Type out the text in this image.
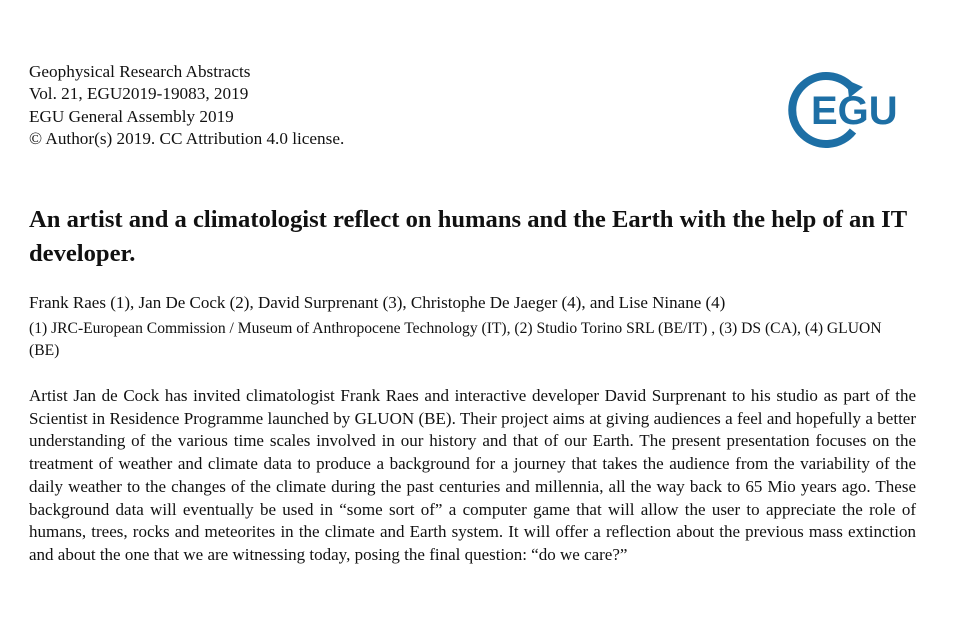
Geophysical Research Abstracts
Vol. 21, EGU2019-19083, 2019
EGU General Assembly 2019
© Author(s) 2019. CC Attribution 4.0 license.
EGU
An artist and a climatologist reflect on humans and the Earth with the help of an IT developer.
Frank Raes (1), Jan De Cock (2), David Surprenant (3), Christophe De Jaeger (4), and Lise Ninane (4)
(1) JRC-European Commission / Museum of Anthropocene Technology (IT), (2) Studio Torino SRL (BE/IT) , (3) DS (CA), (4) GLUON (BE)

Artist Jan de Cock has invited climatologist Frank Raes and interactive developer David Surprenant to his studio as part of the Scientist in Residence Programme launched by GLUON (BE). Their project aims at giving audiences a feel and hopefully a better understanding of the various time scales involved in our history and that of our Earth. The present presentation focuses on the treatment of weather and climate data to produce a background for a journey that takes the audience from the variability of the daily weather to the changes of the climate during the past centuries and millennia, all the way back to 65 Mio years ago. These background data will eventually be used in “some sort of” a computer game that will allow the user to appreciate the role of humans, trees, rocks and meteorites in the climate and Earth system. It will offer a reflection about the previous mass extinction and about the one that we are witnessing today, posing the final question: “do we care?”
